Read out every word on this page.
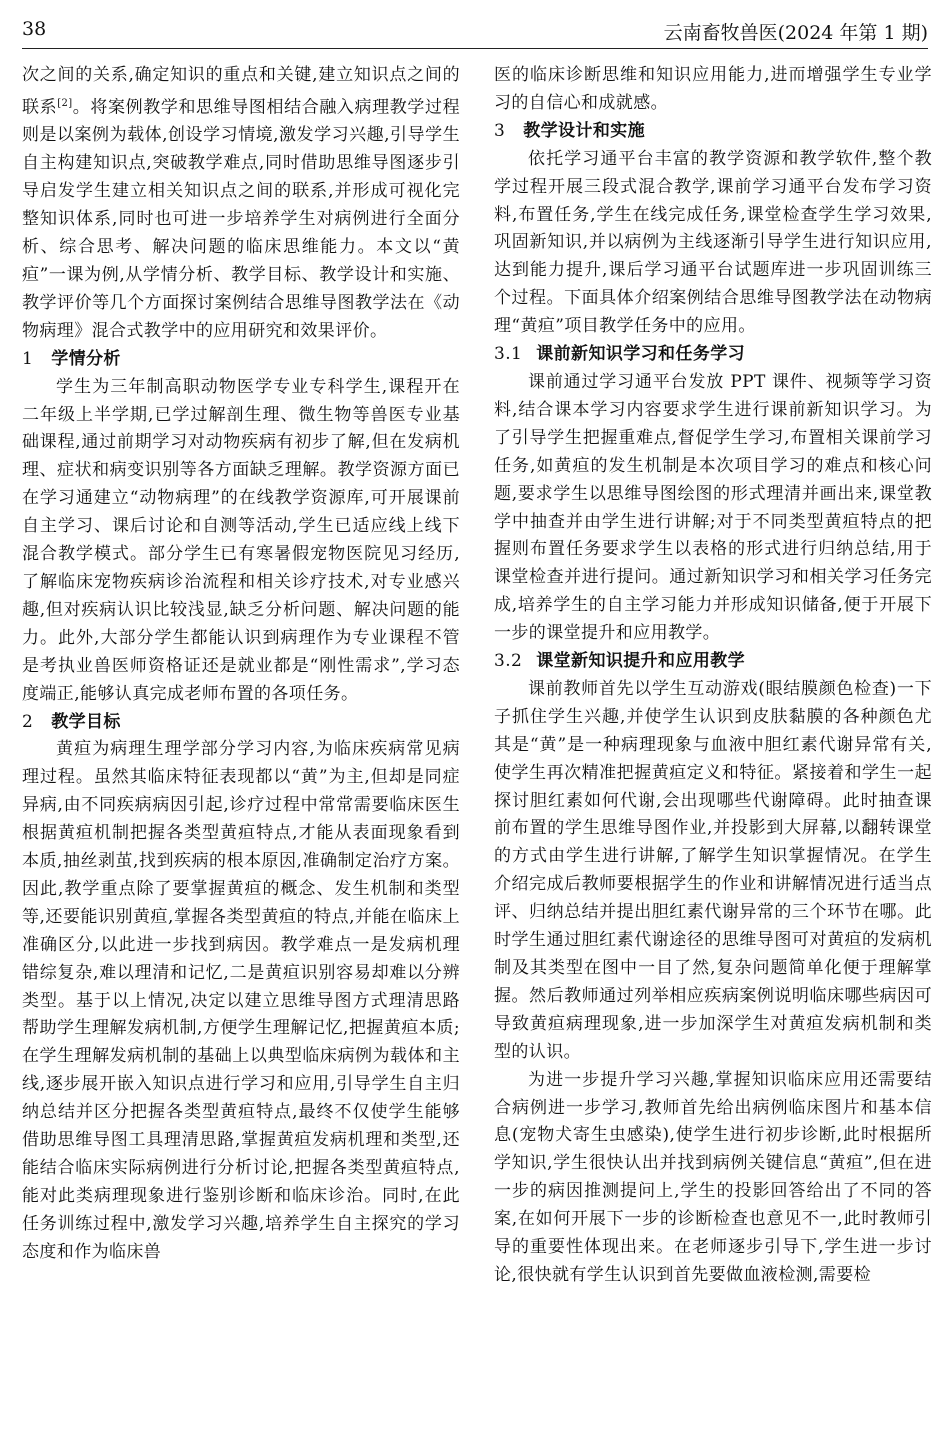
38	云南畜牧兽医(2024 年第 1 期)

次之间的关系,确定知识的重点和关键,建立知识点之间的联系[2]。将案例教学和思维导图相结合融入病理教学过程则是以案例为载体,创设学习情境,激发学习兴趣,引导学生自主构建知识点,突破教学难点,同时借助思维导图逐步引导启发学生建立相关知识点之间的联系,并形成可视化完整知识体系,同时也可进一步培养学生对病例进行全面分析、综合思考、解决问题的临床思维能力。本文以“黄疸”一课为例,从学情分析、教学目标、教学设计和实施、教学评价等几个方面探讨案例结合思维导图教学法在《动物病理》混合式教学中的应用研究和效果评价。

1 学情分析

学生为三年制高职动物医学专业专科学生,课程开在二年级上半学期,已学过解剖生理、微生物等兽医专业基础课程,通过前期学习对动物疾病有初步了解,但在发病机理、症状和病变识别等各方面缺乏理解。教学资源方面已在学习通建立“动物病理”的在线教学资源库,可开展课前自主学习、课后讨论和自测等活动,学生已适应线上线下混合教学模式。部分学生已有寒暑假宠物医院见习经历,了解临床宠物疾病诊治流程和相关诊疗技术,对专业感兴趣,但对疾病认识比较浅显,缺乏分析问题、解决问题的能力。此外,大部分学生都能认识到病理作为专业课程不管是考执业兽医师资格证还是就业都是“刚性需求”,学习态度端正,能够认真完成老师布置的各项任务。

2 教学目标

黄疸为病理生理学部分学习内容,为临床疾病常见病理过程。虽然其临床特征表现都以“黄”为主,但却是同症异病,由不同疾病病因引起,诊疗过程中常常需要临床医生根据黄疸机制把握各类型黄疸特点,才能从表面现象看到本质,抽丝剥茧,找到疾病的根本原因,准确制定治疗方案。因此,教学重点除了要掌握黄疸的概念、发生机制和类型等,还要能识别黄疸,掌握各类型黄疸的特点,并能在临床上准确区分,以此进一步找到病因。教学难点一是发病机理错综复杂,难以理清和记忆,二是黄疸识别容易却难以分辨类型。基于以上情况,决定以建立思维导图方式理清思路帮助学生理解发病机制,方便学生理解记忆,把握黄疸本质;在学生理解发病机制的基础上以典型临床病例为载体和主线,逐步展开嵌入知识点进行学习和应用,引导学生自主归纳总结并区分把握各类型黄疸特点,最终不仅使学生能够借助思维导图工具理清思路,掌握黄疸发病机理和类型,还能结合临床实际病例进行分析讨论,把握各类型黄疸特点,能对此类病理现象进行鉴别诊断和临床诊治。同时,在此任务训练过程中,激发学习兴趣,培养学生自主探究的学习态度和作为临床兽

医的临床诊断思维和知识应用能力,进而增强学生专业学习的自信心和成就感。

3 教学设计和实施

依托学习通平台丰富的教学资源和教学软件,整个教学过程开展三段式混合教学,课前学习通平台发布学习资料,布置任务,学生在线完成任务,课堂检查学生学习效果,巩固新知识,并以病例为主线逐渐引导学生进行知识应用,达到能力提升,课后学习通平台试题库进一步巩固训练三个过程。下面具体介绍案例结合思维导图教学法在动物病理“黄疸”项目教学任务中的应用。

3.1 课前新知识学习和任务学习

课前通过学习通平台发放 PPT 课件、视频等学习资料,结合课本学习内容要求学生进行课前新知识学习。为了引导学生把握重难点,督促学生学习,布置相关课前学习任务,如黄疸的发生机制是本次项目学习的难点和核心问题,要求学生以思维导图绘图的形式理清并画出来,课堂教学中抽查并由学生进行讲解;对于不同类型黄疸特点的把握则布置任务要求学生以表格的形式进行归纳总结,用于课堂检查并进行提问。通过新知识学习和相关学习任务完成,培养学生的自主学习能力并形成知识储备,便于开展下一步的课堂提升和应用教学。

3.2 课堂新知识提升和应用教学

课前教师首先以学生互动游戏(眼结膜颜色检查)一下子抓住学生兴趣,并使学生认识到皮肤黏膜的各种颜色尤其是“黄”是一种病理现象与血液中胆红素代谢异常有关,使学生再次精准把握黄疸定义和特征。紧接着和学生一起探讨胆红素如何代谢,会出现哪些代谢障碍。此时抽查课前布置的学生思维导图作业,并投影到大屏幕,以翻转课堂的方式由学生进行讲解,了解学生知识掌握情况。在学生介绍完成后教师要根据学生的作业和讲解情况进行适当点评、归纳总结并提出胆红素代谢异常的三个环节在哪。此时学生通过胆红素代谢途径的思维导图可对黄疸的发病机制及其类型在图中一目了然,复杂问题简单化便于理解掌握。然后教师通过列举相应疾病案例说明临床哪些病因可导致黄疸病理现象,进一步加深学生对黄疸发病机制和类型的认识。

为进一步提升学习兴趣,掌握知识临床应用还需要结合病例进一步学习,教师首先给出病例临床图片和基本信息(宠物犬寄生虫感染),使学生进行初步诊断,此时根据所学知识,学生很快认出并找到病例关键信息“黄疸”,但在进一步的病因推测提问上,学生的投影回答给出了不同的答案,在如何开展下一步的诊断检查也意见不一,此时教师引导的重要性体现出来。在老师逐步引导下,学生进一步讨论,很快就有学生认识到首先要做血液检测,需要检
